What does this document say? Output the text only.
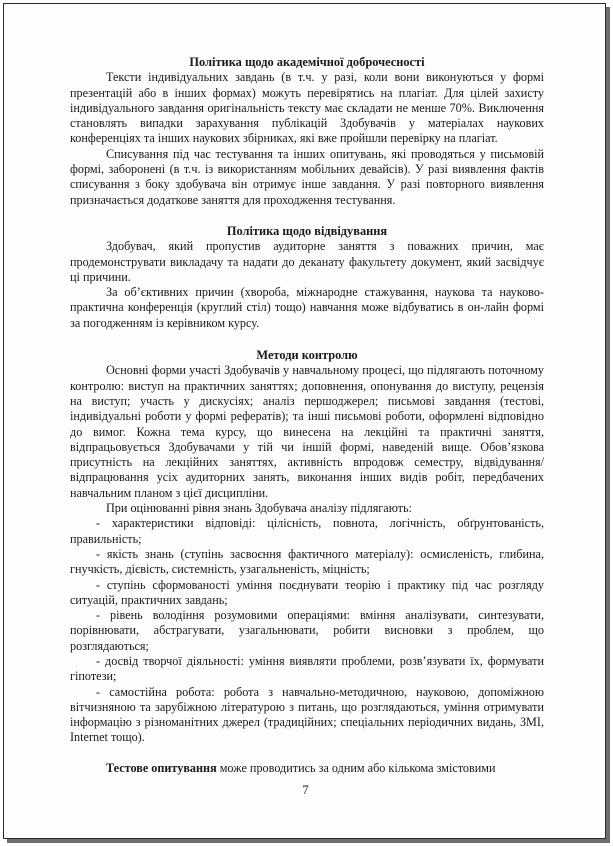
Політика щодо академічної доброчесності

Тексти індивідуальних завдань (в т.ч. у разі, коли вони виконуються у формі презентацій або в інших формах) можуть перевірятись на плагіат. Для цілей захисту індивідуального завдання оригінальність тексту має складати не менше 70%. Виключення становлять випадки зарахування публікацій Здобувачів у матеріалах наукових конференціях та інших наукових збірниках, які вже пройшли перевірку на плагіат.

Списування під час тестування та інших опитувань, які проводяться у письмовій формі, заборонені (в т.ч. із використанням мобільних девайсів). У разі виявлення фактів списування з боку здобувача він отримує інше завдання. У разі повторного виявлення призначається додаткове заняття для проходження тестування.

Політика щодо відвідування

Здобувач, який пропустив аудиторне заняття з поважних причин, має продемонструвати викладачу та надати до деканату факультету документ, який засвідчує ці причини.

За об’єктивних причин (хвороба, міжнародне стажування, наукова та науково-практична конференція (круглий стіл) тощо) навчання може відбуватись в он-лайн формі за погодженням із керівником курсу.

Методи контролю

Основні форми участі Здобувачів у навчальному процесі, що підлягають поточному контролю: виступ на практичних заняттях; доповнення, опонування до виступу, рецензія на виступ; участь у дискусіях; аналіз першоджерел; письмові завдання (тестові, індивідуальні роботи у формі рефератів); та інші письмові роботи, оформлені відповідно до вимог. Кожна тема курсу, що винесена на лекційні та практичні заняття, відпрацьовується Здобувачами у тій чи іншій формі, наведеній вище. Обов’язкова присутність на лекційних заняттях, активність впродовж семестру, відвідування/відпрацювання усіх аудиторних занять, виконання інших видів робіт, передбачених навчальним планом з цієї дисципліни.

При оцінюванні рівня знань Здобувача аналізу підлягають:

- характеристики відповіді: цілісність, повнота, логічність, обґрунтованість, правильність;

- якість знань (ступінь засвоєння фактичного матеріалу): осмисленість, глибина, гнучкість, дієвість, системність, узагальненість, міцність;

- ступінь сформованості уміння поєднувати теорію і практику під час розгляду ситуацій, практичних завдань;

- рівень володіння розумовими операціями: вміння аналізувати, синтезувати, порівнювати, абстрагувати, узагальнювати, робити висновки з проблем, що розглядаються;

- досвід творчої діяльності: уміння виявляти проблеми, розв’язувати їх, формувати гіпотези;

- самостійна робота: робота з навчально-методичною, науковою, допоміжною вітчизняною та зарубіжною літературою з питань, що розглядаються, уміння отримувати інформацію з різноманітних джерел (традиційних; спеціальних періодичних видань, ЗМІ, Internet тощо).

Тестове опитування може проводитись за одним або кількома змістовими

7
